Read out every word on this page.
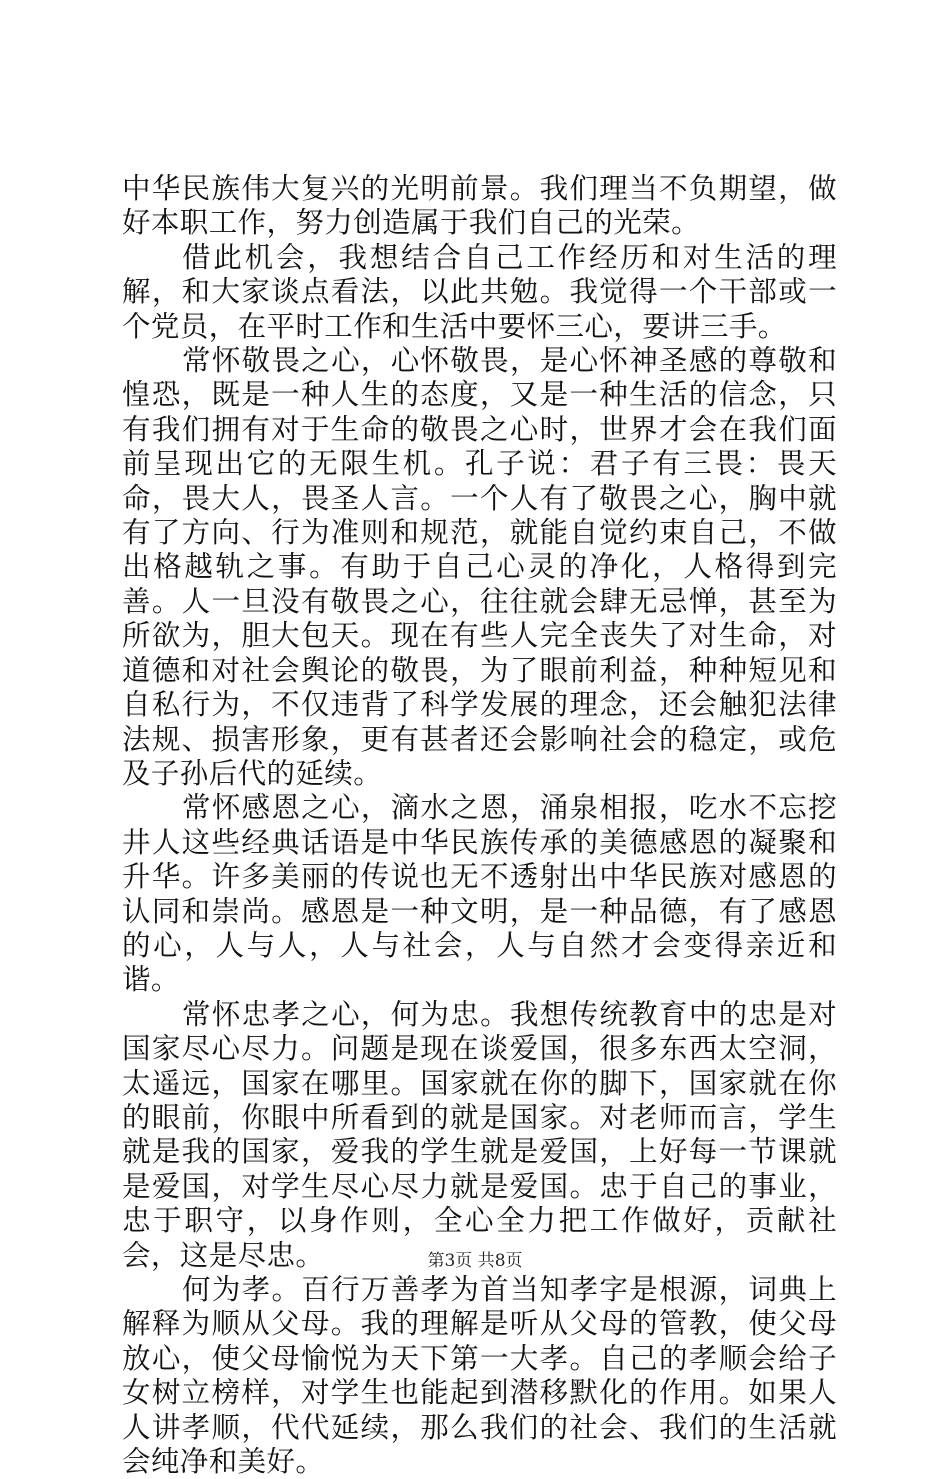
中华民族伟大复兴的光明前景。我们理当不负期望，做好本职工作，努力创造属于我们自己的光荣。

借此机会，我想结合自己工作经历和对生活的理解，和大家谈点看法，以此共勉。我觉得一个干部或一个党员，在平时工作和生活中要怀三心，要讲三手。

常怀敬畏之心，心怀敬畏，是心怀神圣感的尊敬和惶恐，既是一种人生的态度，又是一种生活的信念，只有我们拥有对于生命的敬畏之心时，世界才会在我们面前呈现出它的无限生机。孔子说：君子有三畏：畏天命，畏大人，畏圣人言。一个人有了敬畏之心，胸中就有了方向、行为准则和规范，就能自觉约束自己，不做出格越轨之事。有助于自己心灵的净化，人格得到完善。人一旦没有敬畏之心，往往就会肆无忌惮，甚至为所欲为，胆大包天。现在有些人完全丧失了对生命，对道德和对社会舆论的敬畏，为了眼前利益，种种短见和自私行为，不仅违背了科学发展的理念，还会触犯法律法规、损害形象，更有甚者还会影响社会的稳定，或危及子孙后代的延续。

常怀感恩之心，滴水之恩，涌泉相报，吃水不忘挖井人这些经典话语是中华民族传承的美德感恩的凝聚和升华。许多美丽的传说也无不透射出中华民族对感恩的认同和崇尚。感恩是一种文明，是一种品德，有了感恩的心，人与人，人与社会，人与自然才会变得亲近和谐。

常怀忠孝之心，何为忠。我想传统教育中的忠是对国家尽心尽力。问题是现在谈爱国，很多东西太空洞，太遥远，国家在哪里。国家就在你的脚下，国家就在你的眼前，你眼中所看到的就是国家。对老师而言，学生就是我的国家，爱我的学生就是爱国，上好每一节课就是爱国，对学生尽心尽力就是爱国。忠于自己的事业，忠于职守，以身作则，全心全力把工作做好，贡献社会，这是尽忠。

何为孝。百行万善孝为首当知孝字是根源，词典上解释为顺从父母。我的理解是听从父母的管教，使父母放心，使父母愉悦为天下第一大孝。自己的孝顺会给子女树立榜样，对学生也能起到潜移默化的作用。如果人人讲孝顺，代代延续，那么我们的社会、我们的生活就会纯净和美好。

第3页 共8页
